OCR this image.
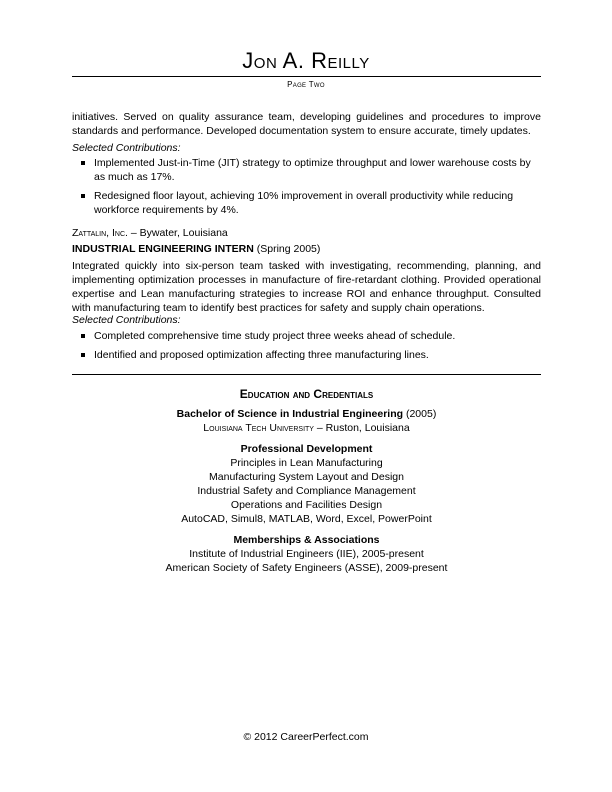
Jon A. Reilly
Page Two
initiatives. Served on quality assurance team, developing guidelines and procedures to improve standards and performance. Developed documentation system to ensure accurate, timely updates.
Selected Contributions:
Implemented Just-in-Time (JIT) strategy to optimize throughput and lower warehouse costs by as much as 17%.
Redesigned floor layout, achieving 10% improvement in overall productivity while reducing workforce requirements by 4%.
Zattalin, Inc. – Bywater, Louisiana
INDUSTRIAL ENGINEERING INTERN (Spring 2005)
Integrated quickly into six-person team tasked with investigating, recommending, planning, and implementing optimization processes in manufacture of fire-retardant clothing. Provided operational expertise and Lean manufacturing strategies to increase ROI and enhance throughput. Consulted with manufacturing team to identify best practices for safety and supply chain operations.
Selected Contributions:
Completed comprehensive time study project three weeks ahead of schedule.
Identified and proposed optimization affecting three manufacturing lines.
Education and Credentials
Bachelor of Science in Industrial Engineering (2005)
Louisiana Tech University – Ruston, Louisiana
Professional Development
Principles in Lean Manufacturing
Manufacturing System Layout and Design
Industrial Safety and Compliance Management
Operations and Facilities Design
AutoCAD, Simul8, MATLAB, Word, Excel, PowerPoint
Memberships & Associations
Institute of Industrial Engineers (IIE), 2005-present
American Society of Safety Engineers (ASSE), 2009-present
© 2012 CareerPerfect.com
